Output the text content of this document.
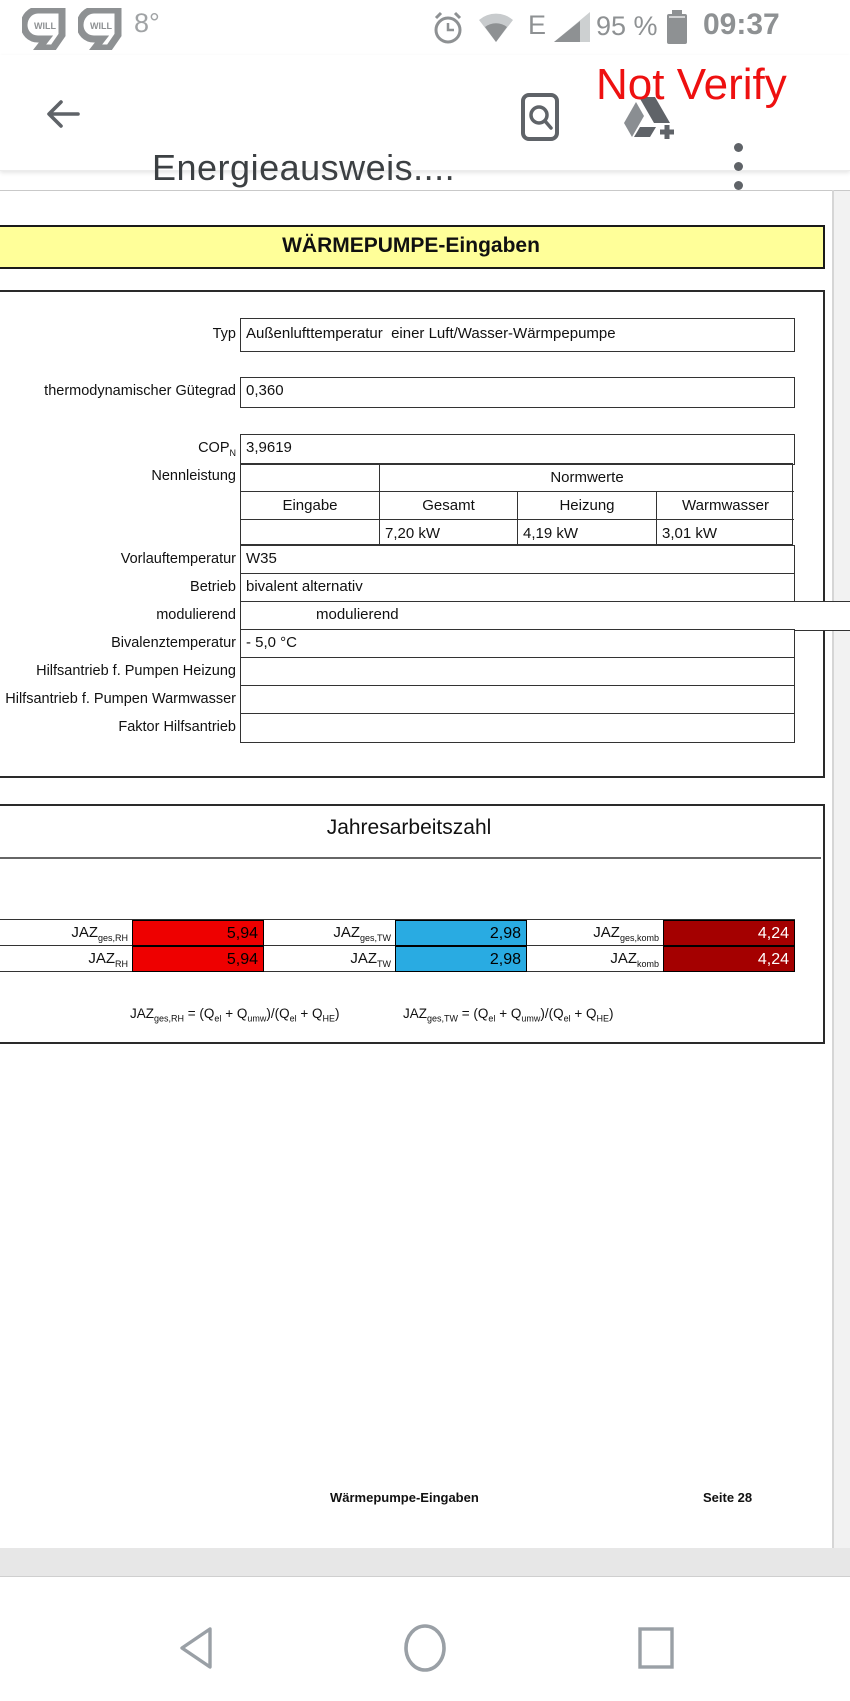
WILL	WILL 8°	E 95 % 09:37
Energieausweis....
Not Verify
WÄRMEPUMPE-Eingaben
Typ Außenlufttemperatur  einer Luft/Wasser-Wärmpepumpe
thermodynamischer Gütegrad 0,360
$COP_N$ 3,9619
Nennleistung	Normwerte
Eingabe	Gesamt	Heizung	Warmwasser
7,20 kW	4,19 kW	3,01 kW
Vorlauftemperatur W35
Betrieb bivalent alternativ
modulierend	modulierend
Bivalenztemperatur - 5,0 °C
Hilfsantrieb f. Pumpen Heizung
Hilfsantrieb f. Pumpen Warmwasser
Faktor Hilfsantrieb
Jahresarbeitszahl
$JAZ_{ges,RH}$	5,94	$JAZ_{ges,TW}$	2,98	$JAZ_{ges,komb}$	4,24
$JAZ_{RH}$	5,94	$JAZ_{TW}$	2,98	$JAZ_{komb}$	4,24
$JAZ_{ges,RH} = (Q_{el} + Q_{umw})/(Q_{el} + Q_{HE})$	$JAZ_{ges,TW} = (Q_{el} + Q_{umw})/(Q_{el} + Q_{HE})$
Wärmepumpe-Eingaben	Seite 28
